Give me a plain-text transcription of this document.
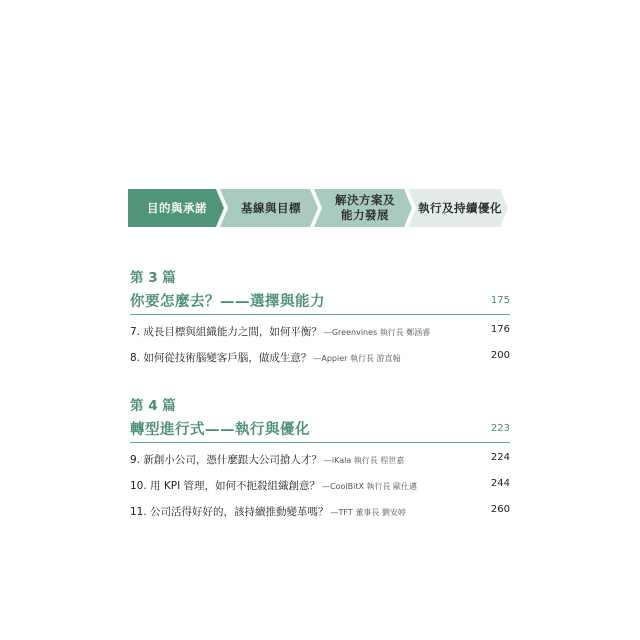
目的與承諾	基線與目標
解決方案及
能力發展
執行及持續優化
第 3 篇
你要怎麼去？——選擇與能力	175
7. 成長目標與組織能力之間，如何平衡？ —Greenvines 執行長 鄭涵睿	176
8. 如何從技術腦變客戶腦，做成生意？ —Appier 執行長 游直翰	200
第 4 篇
轉型進行式——執行與優化	223
9. 新創小公司，憑什麼跟大公司搶人才？ —iKala 執行長 程世嘉	224
10. 用 KPI 管理，如何不扼殺組織創意？ —CoolBitX 執行長 歐仕邁	244
11. 公司活得好好的，該持續推動變革嗎？ —TFT 董事長 劉安婷	260
